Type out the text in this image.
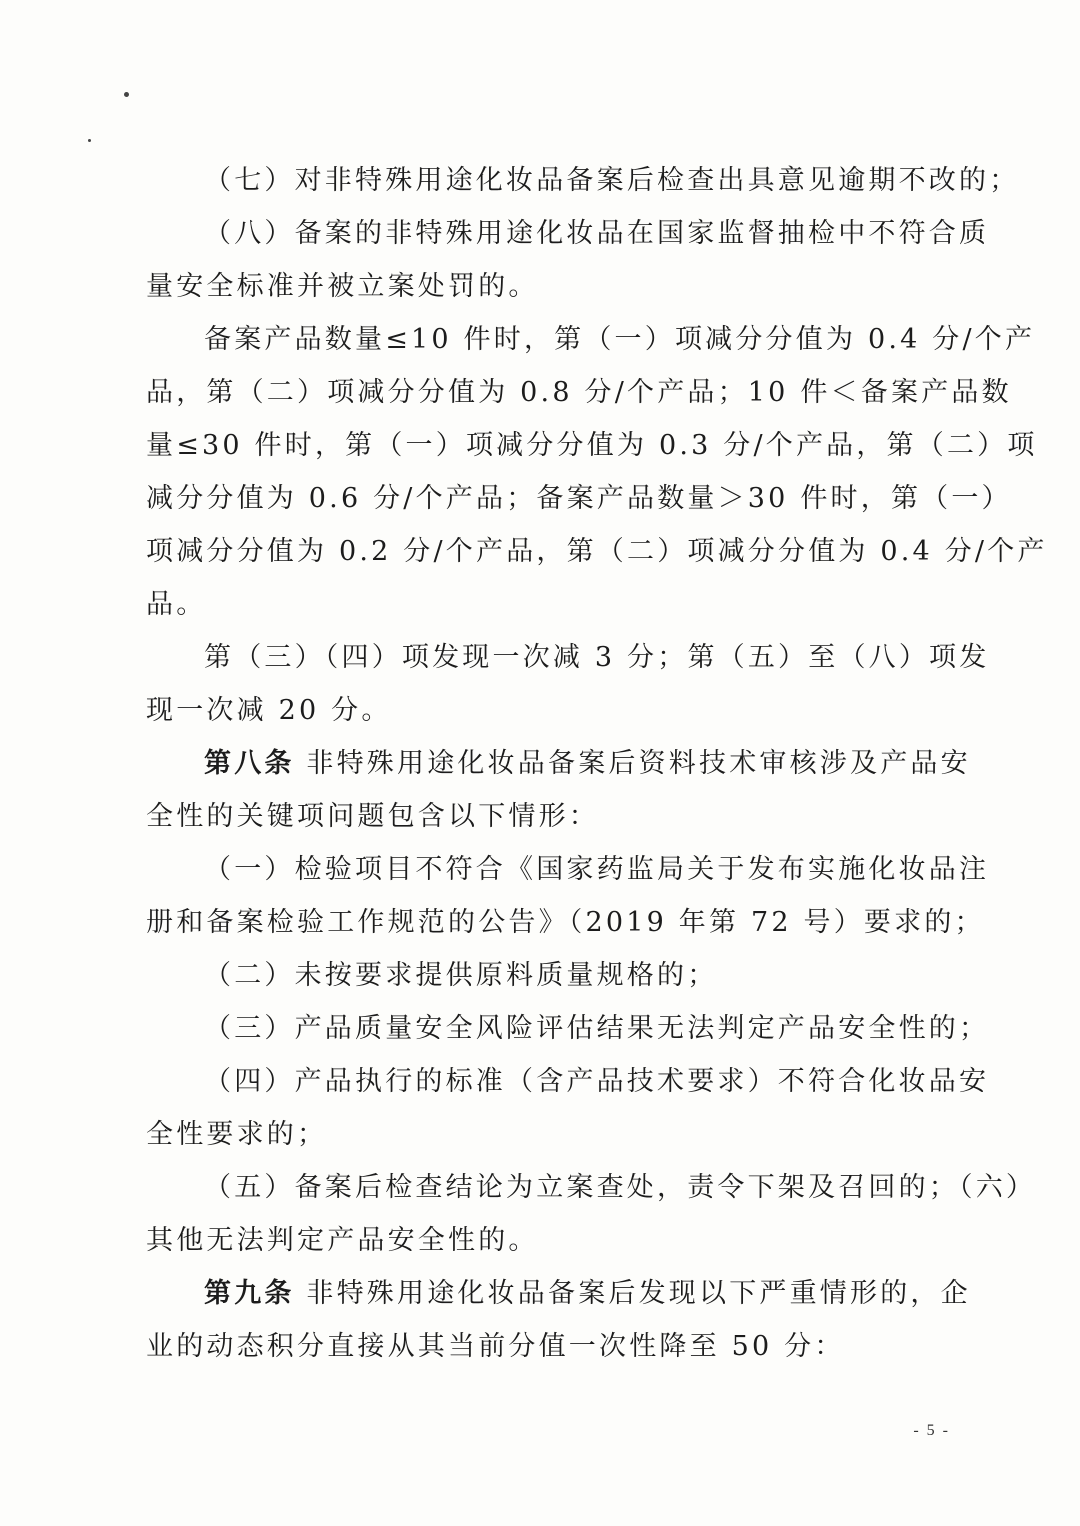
（七）对非特殊用途化妆品备案后检查出具意见逾期不改的；
（八）备案的非特殊用途化妆品在国家监督抽检中不符合质
量安全标准并被立案处罚的。
备案产品数量≤10 件时，第（一）项减分分值为 0.4 分/个产
品，第（二）项减分分值为 0.8 分/个产品；10 件＜备案产品数
量≤30 件时，第（一）项减分分值为 0.3 分/个产品，第（二）项
减分分值为 0.6 分/个产品；备案产品数量＞30 件时，第（一）
项减分分值为 0.2 分/个产品，第（二）项减分分值为 0.4 分/个产
品。
第（三）（四）项发现一次减 3 分；第（五）至（八）项发
现一次减 20 分。
第八条 非特殊用途化妆品备案后资料技术审核涉及产品安
全性的关键项问题包含以下情形：
（一）检验项目不符合《国家药监局关于发布实施化妆品注
册和备案检验工作规范的公告》（2019 年第 72 号）要求的；
（二）未按要求提供原料质量规格的；
（三）产品质量安全风险评估结果无法判定产品安全性的；
（四）产品执行的标准（含产品技术要求）不符合化妆品安
全性要求的；
（五）备案后检查结论为立案查处，责令下架及召回的；（六）
其他无法判定产品安全性的。
第九条 非特殊用途化妆品备案后发现以下严重情形的，企
业的动态积分直接从其当前分值一次性降至 50 分：
- 5 -
